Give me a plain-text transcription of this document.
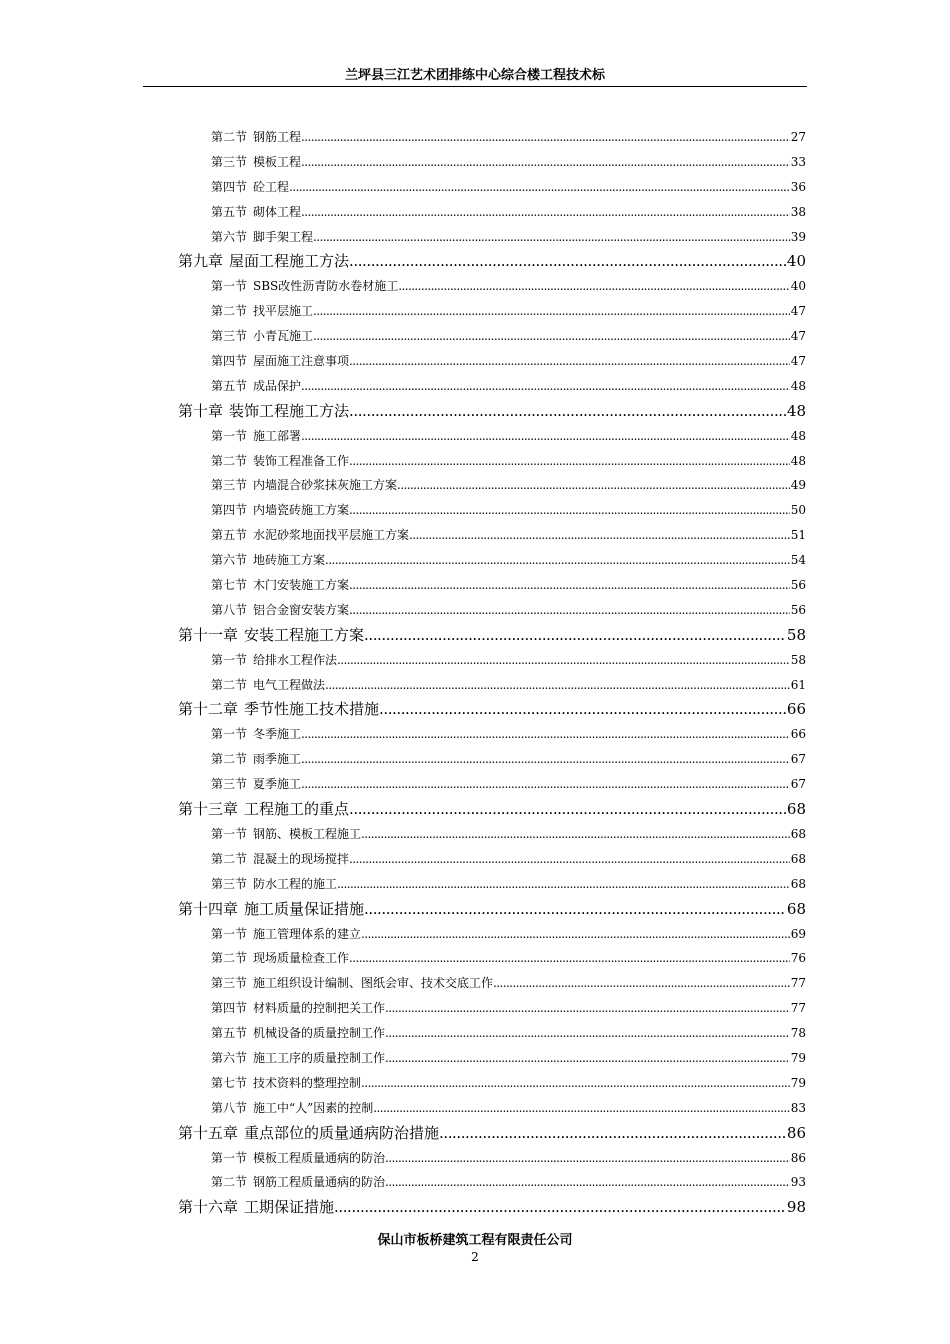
兰坪县三江艺术团排练中心综合楼工程技术标
第二节 钢筋工程 . . .	27
第三节 模板工程 . . .	33
第四节 砼工程 . . .	36
第五节 砌体工程 . . .	38
第六节 脚手架工程 . . .	39
第九章 屋面工程施工方法 . . .	40
第一节 SBS改性沥青防水卷材施工 . . .	40
第二节 找平层施工 . . .	47
第三节 小青瓦施工 . . .	47
第四节 屋面施工注意事项 . . .	47
第五节 成品保护 . . .	48
第十章 装饰工程施工方法 . . .	48
第一节 施工部署 . . .	48
第二节 装饰工程准备工作 . . .	48
第三节 内墙混合砂浆抹灰施工方案 . . .	49
第四节 内墙瓷砖施工方案 . . .	50
第五节 水泥砂浆地面找平层施工方案 . . .	51
第六节 地砖施工方案 . . .	54
第七节 木门安装施工方案 . . .	56
第八节 铝合金窗安装方案 . . .	56
第十一章 安装工程施工方案 . . .	58
第一节 给排水工程作法 . . .	58
第二节 电气工程做法 . . .	61
第十二章 季节性施工技术措施 . . .	66
第一节 冬季施工 . . .	66
第二节 雨季施工 . . .	67
第三节 夏季施工 . . .	67
第十三章 工程施工的重点 . . .	68
第一节 钢筋、模板工程施工 . . .	68
第二节 混凝土的现场搅拌 . . .	68
第三节 防水工程的施工 . . .	68
第十四章 施工质量保证措施 . . .	68
第一节 施工管理体系的建立 . . .	69
第二节 现场质量检查工作 . . .	76
第三节 施工组织设计编制、图纸会审、技术交底工作 . . .	77
第四节 材料质量的控制把关工作 . . .	77
第五节 机械设备的质量控制工作 . . .	78
第六节 施工工序的质量控制工作 . . .	79
第七节 技术资料的整理控制 . . .	79
第八节 施工中“人”因素的控制 . . .	83
第十五章 重点部位的质量通病防治措施 . . .	86
第一节 模板工程质量通病的防治 . . .	86
第二节 钢筋工程质量通病的防治 . . .	93
第十六章 工期保证措施 . . .	98
保山市板桥建筑工程有限责任公司
2
